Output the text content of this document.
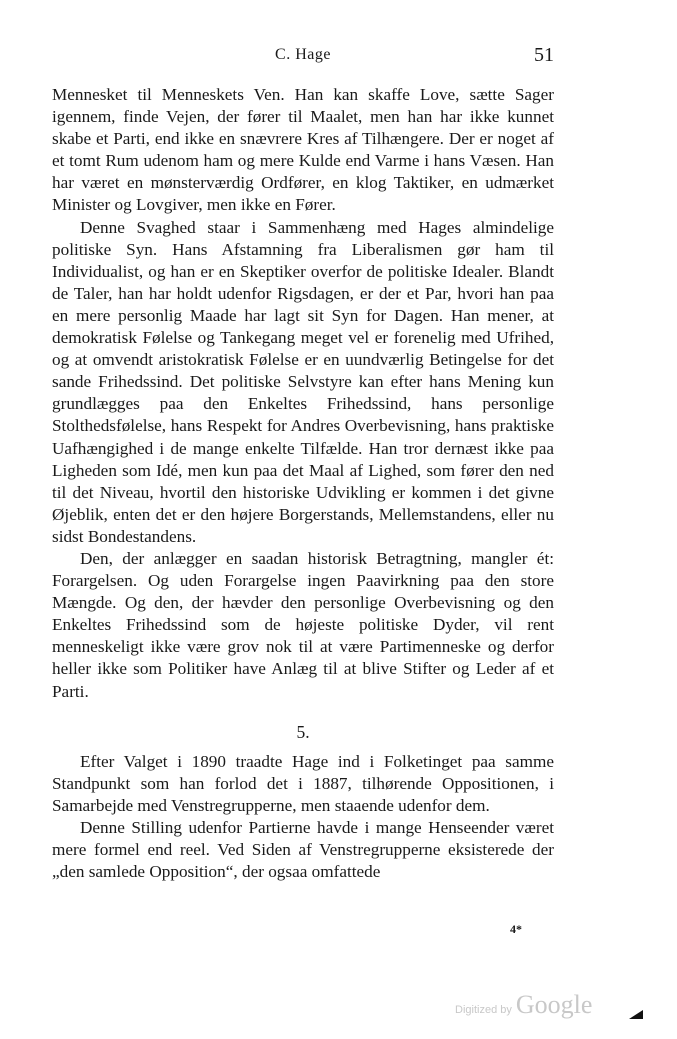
C. Hage	51

Mennesket til Menneskets Ven. Han kan skaffe Love, sætte Sager igennem, finde Vejen, der fører til Maalet, men han har ikke kunnet skabe et Parti, end ikke en snævrere Kres af Tilhængere. Der er noget af et tomt Rum udenom ham og mere Kulde end Varme i hans Væsen. Han har været en mønsterværdig Ordfører, en klog Taktiker, en udmærket Minister og Lovgiver, men ikke en Fører.

Denne Svaghed staar i Sammenhæng med Hages almindelige politiske Syn. Hans Afstamning fra Liberalismen gør ham til Individualist, og han er en Skeptiker overfor de politiske Idealer. Blandt de Taler, han har holdt udenfor Rigsdagen, er der et Par, hvori han paa en mere personlig Maade har lagt sit Syn for Dagen. Han mener, at demokratisk Følelse og Tankegang meget vel er forenelig med Ufrihed, og at omvendt aristokratisk Følelse er en uundværlig Betingelse for det sande Frihedssind. Det politiske Selvstyre kan efter hans Mening kun grundlægges paa den Enkeltes Frihedssind, hans personlige Stolthedsfølelse, hans Respekt for Andres Overbevisning, hans praktiske Uafhængighed i de mange enkelte Tilfælde. Han tror dernæst ikke paa Ligheden som Idé, men kun paa det Maal af Lighed, som fører den ned til det Niveau, hvortil den historiske Udvikling er kommen i det givne Øjeblik, enten det er den højere Borgerstands, Mellemstandens, eller nu sidst Bondestandens.

Den, der anlægger en saadan historisk Betragtning, mangler ét: Forargelsen. Og uden Forargelse ingen Paavirkning paa den store Mængde. Og den, der hævder den personlige Overbevisning og den Enkeltes Frihedssind som de højeste politiske Dyder, vil rent menneskeligt ikke være grov nok til at være Partimenneske og derfor heller ikke som Politiker have Anlæg til at blive Stifter og Leder af et Parti.

5.

Efter Valget i 1890 traadte Hage ind i Folketinget paa samme Standpunkt som han forlod det i 1887, tilhørende Oppositionen, i Samarbejde med Venstregrupperne, men staaende udenfor dem.

Denne Stilling udenfor Partierne havde i mange Henseender været mere formel end reel. Ved Siden af Venstregrupperne eksisterede der „den samlede Opposition“, der ogsaa omfattede

4*
Digitized by Google
